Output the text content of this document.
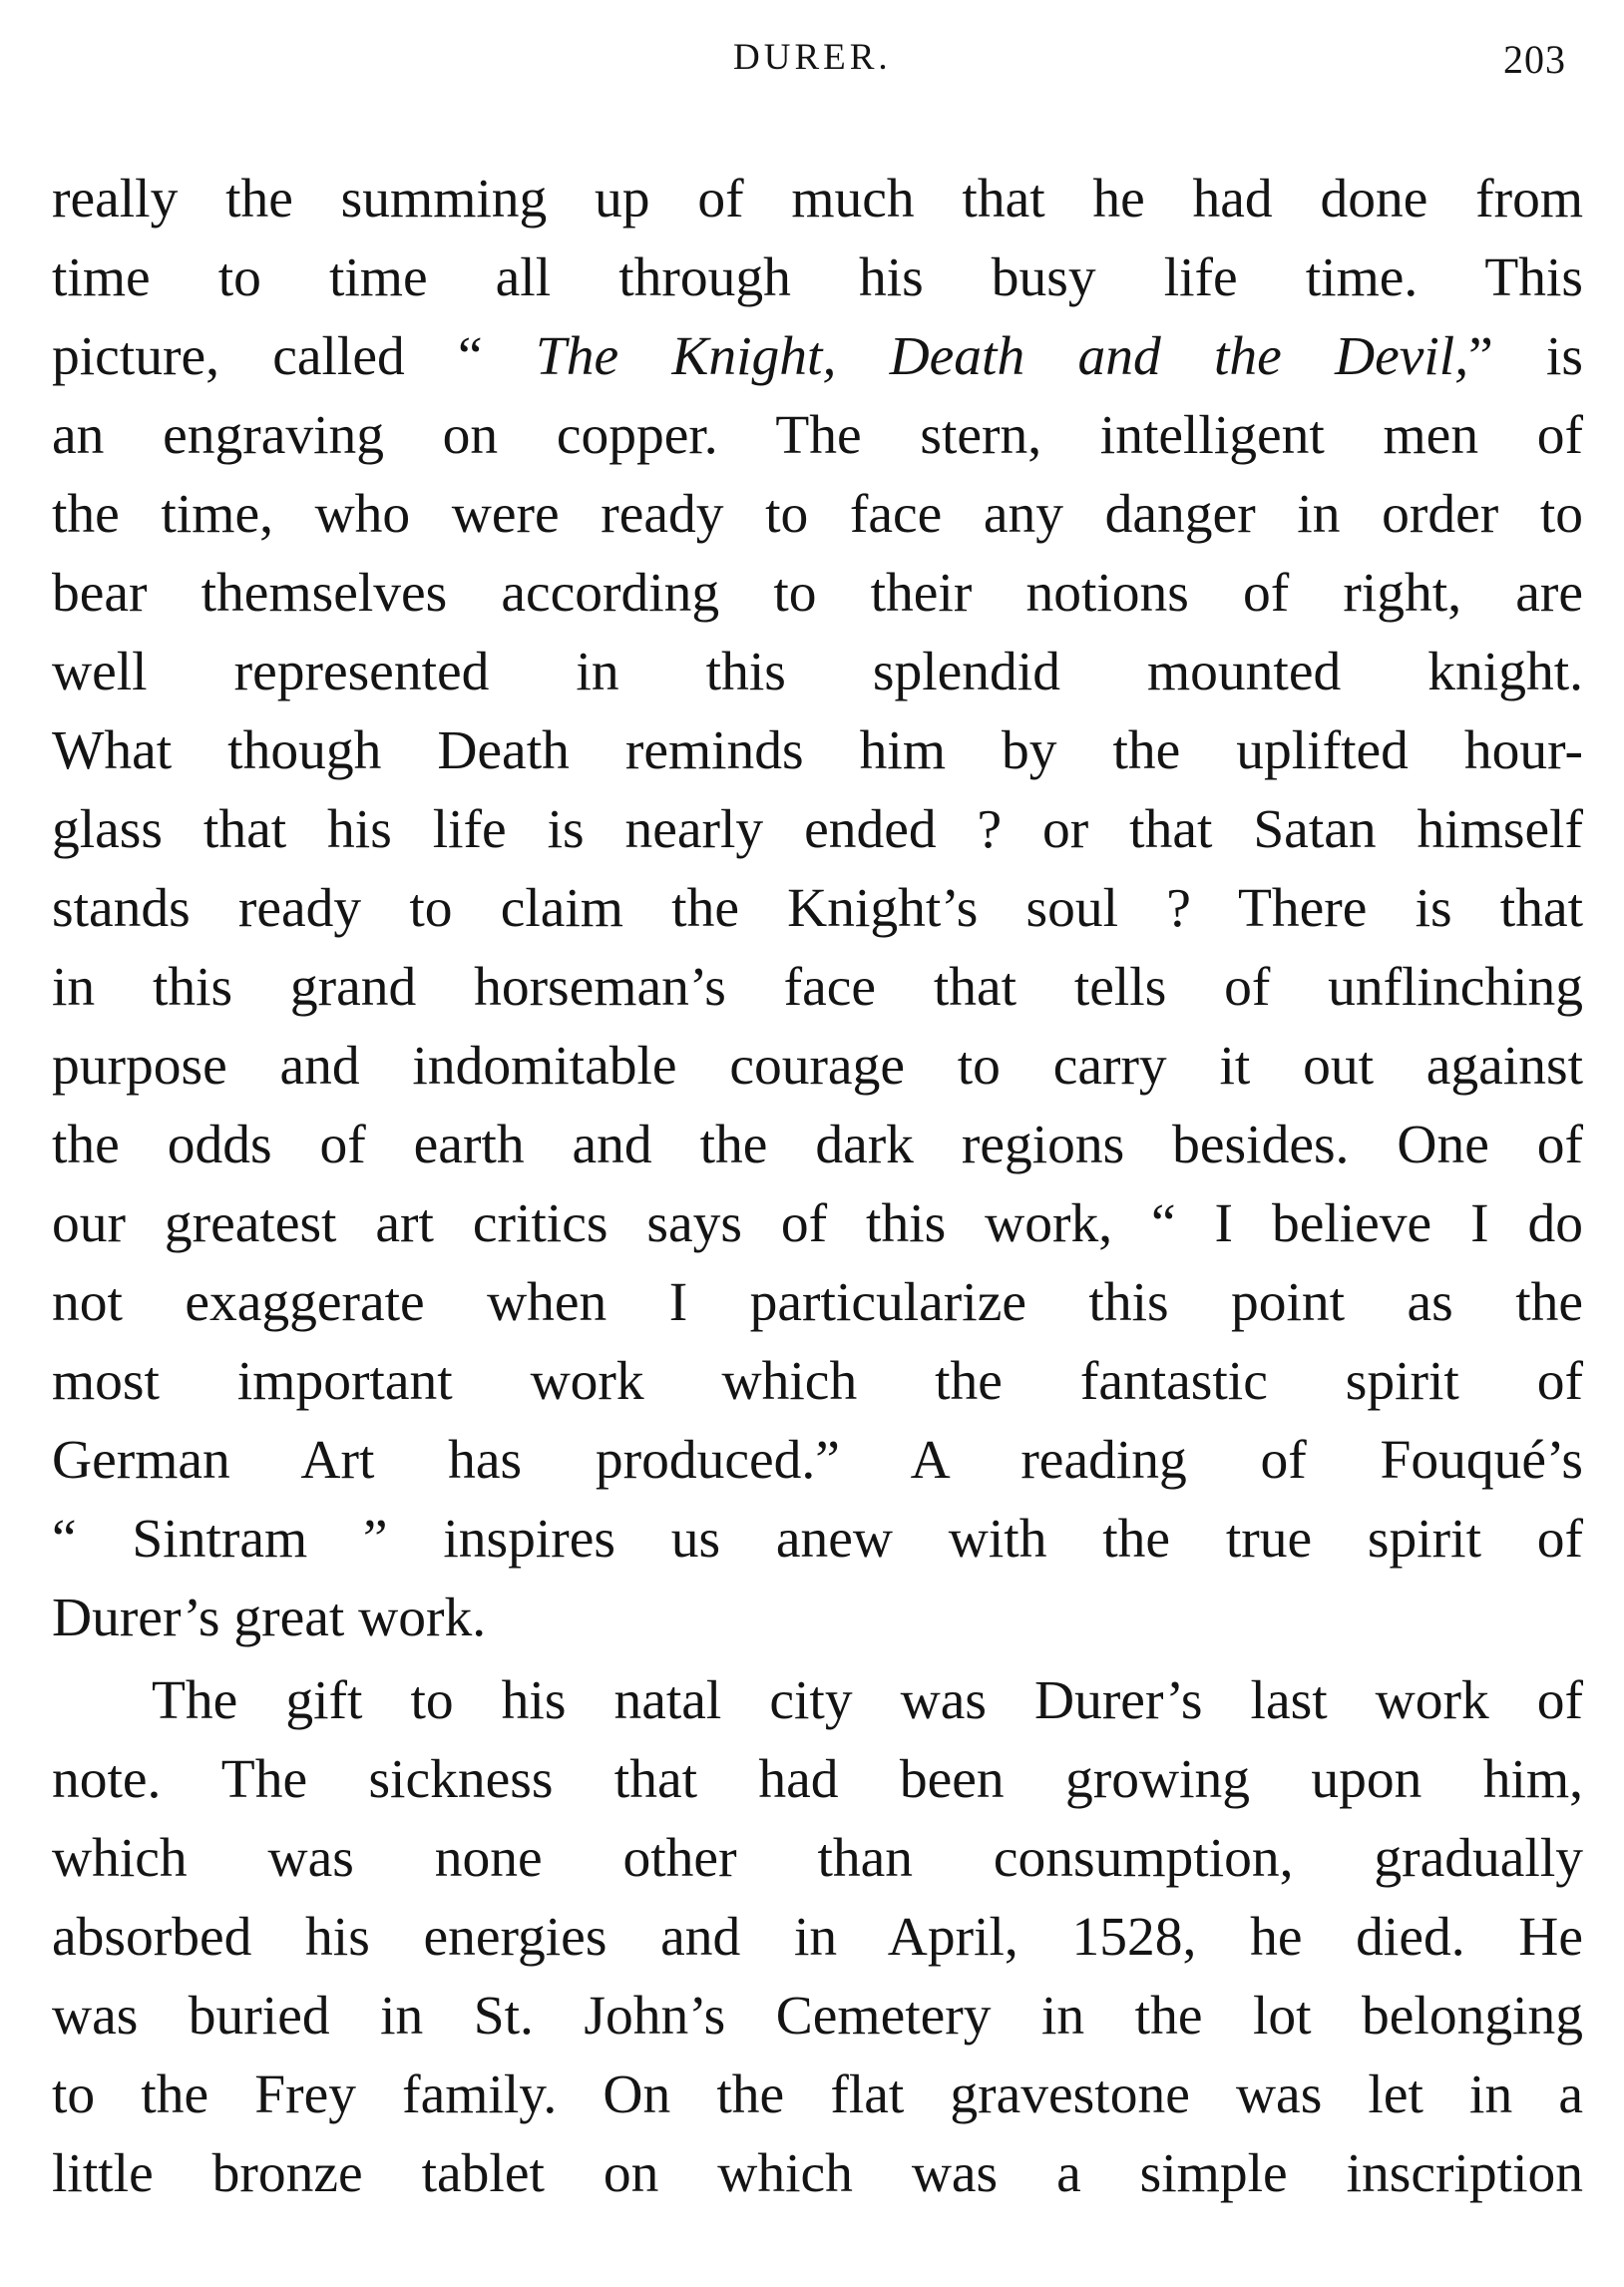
DURER.	203

really the summing up of much that he had done from
time to time all through his busy life time. This
picture, called “ The Knight, Death and the Devil,” is
an engraving on copper. The stern, intelligent men of
the time, who were ready to face any danger in order to
bear themselves according to their notions of right, are
well represented in this splendid mounted knight.
What though Death reminds him by the uplifted hour-
glass that his life is nearly ended ? or that Satan himself
stands ready to claim the Knight’s soul ? There is that
in this grand horseman’s face that tells of unflinching
purpose and indomitable courage to carry it out against
the odds of earth and the dark regions besides. One of
our greatest art critics says of this work, “ I believe I do
not exaggerate when I particularize this point as the
most important work which the fantastic spirit of
German Art has produced.” A reading of Fouqué’s
“ Sintram ” inspires us anew with the true spirit of
Durer’s great work.

The gift to his natal city was Durer’s last work of
note. The sickness that had been growing upon him,
which was none other than consumption, gradually
absorbed his energies and in April, 1528, he died. He
was buried in St. John’s Cemetery in the lot belonging
to the Frey family. On the flat gravestone was let in a
little bronze tablet on which was a simple inscription
